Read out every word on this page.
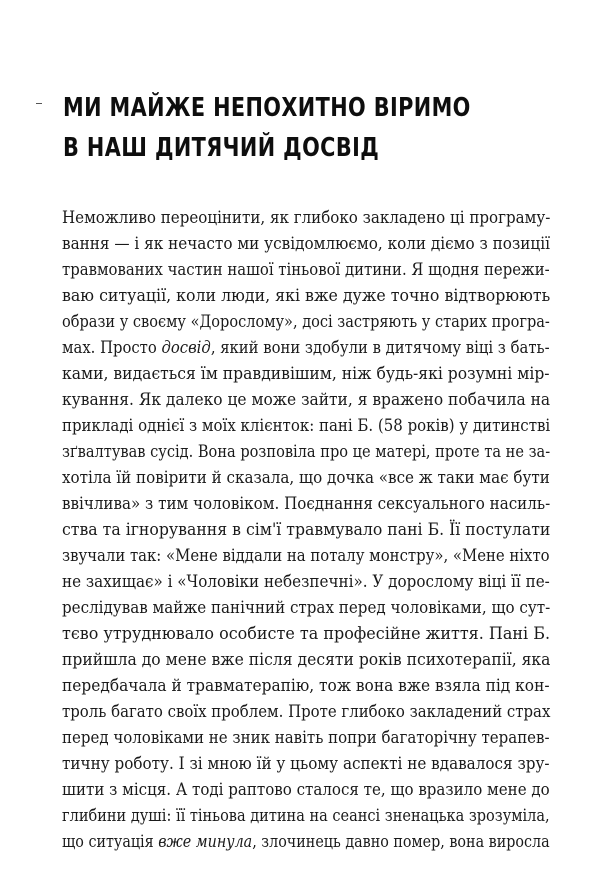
МИ МАЙЖЕ НЕПОХИТНО ВІРИМО
В НАШ ДИТЯЧИЙ ДОСВІД
Неможливо переоцінити, як глибоко закладено ці програму-
вання — і як нечасто ми усвідомлюємо, коли діємо з позиції
травмованих частин нашої тіньової дитини. Я щодня пережи-
ваю ситуації, коли люди, які вже дуже точно відтворюють
образи у своєму «Дорослому», досі застряють у старих програ-
мах. Просто досвід, який вони здобули в дитячому віці з бать-
ками, видається їм правдивішим, ніж будь-які розумні мір-
кування. Як далеко це може зайти, я вражено побачила на
прикладі однієї з моїх клієнток: пані Б. (58 років) у дитинстві
зґвалтував сусід. Вона розповіла про це матері, проте та не за-
хотіла їй повірити й сказала, що дочка «все ж таки має бути
ввічлива» з тим чоловіком. Поєднання сексуального насиль-
ства та ігнорування в сім'ї травмувало пані Б. Її постулати
звучали так: «Мене віддали на поталу монстру», «Мене ніхто
не захищає» і «Чоловіки небезпечні». У дорослому віці її пе-
реслідував майже панічний страх перед чоловіками, що сут-
тєво утруднювало особисте та професійне життя. Пані Б.
прийшла до мене вже після десяти років психотерапії, яка
передбачала й травматерапію, тож вона вже взяла під кон-
троль багато своїх проблем. Проте глибоко закладений страх
перед чоловіками не зник навіть попри багаторічну терапев-
тичну роботу. І зі мною їй у цьому аспекті не вдавалося зру-
шити з місця. А тоді раптово сталося те, що вразило мене до
глибини душі: її тіньова дитина на сеансі зненацька зрозуміла,
що ситуація вже минула, злочинець давно помер, вона виросла
